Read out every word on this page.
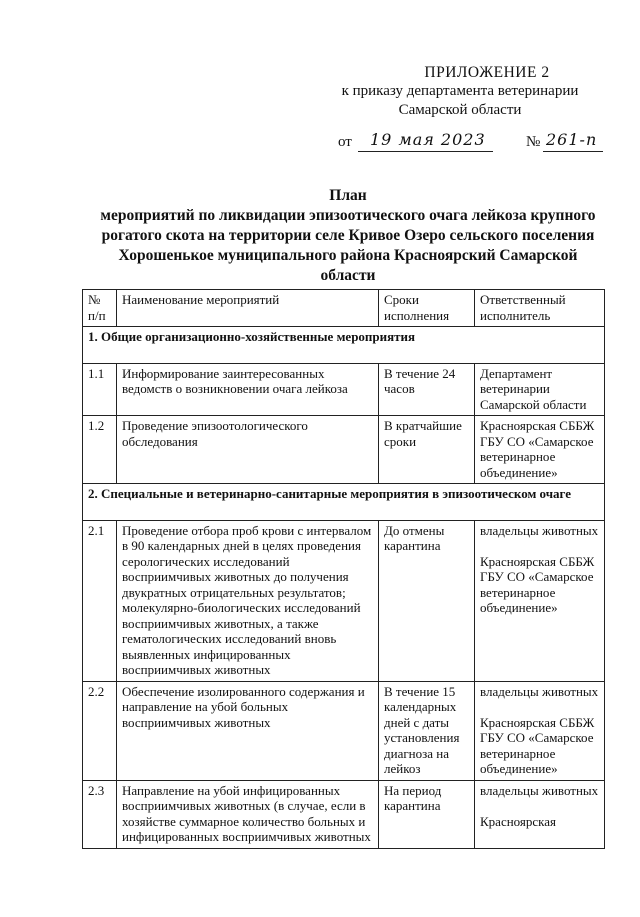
ПРИЛОЖЕНИЕ 2
к приказу департамента ветеринарии
Самарской области
от 19 мая 2023	№ 261-п
План
мероприятий по ликвидации эпизоотического очага лейкоза крупного
рогатого скота на территории селе Кривое Озеро сельского поселения
Хорошенькое муниципального района Красноярский Самарской
области
№ п/п	Наименование мероприятий	Сроки исполнения	Ответственный исполнитель

1. Общие организационно-хозяйственные мероприятия			

1.1	Информирование заинтересованных ведомств о возникновении очага лейкоза	В течение 24 часов	Департамент ветеринарии Самарской области
1.2	Проведение эпизоотологического обследования	В кратчайшие сроки	Красноярская СББЖ ГБУ СО «Самарское ветеринарное объединение»

2. Специальные и ветеринарно-санитарные мероприятия в эпизоотическом очаге			

2.1	Проведение отбора проб крови с интервалом в 90 календарных дней в целях проведения серологических исследований восприимчивых животных до получения двукратных отрицательных результатов; молекулярно-биологических исследований восприимчивых животных, а также гематологических исследований вновь выявленных инфицированных восприимчивых животных	До отмены карантина	владельцы животных

Красноярская СББЖ ГБУ СО «Самарское ветеринарное объединение»
2.2	Обеспечение изолированного содержания и направление на убой больных восприимчивых животных	В течение 15 календарных дней с даты установления диагноза на лейкоз	владельцы животных

Красноярская СББЖ ГБУ СО «Самарское ветеринарное объединение»
2.3	Направление на убой инфицированных восприимчивых животных (в случае, если в хозяйстве суммарное количество больных и инфицированных восприимчивых животных	На период карантина	владельцы животных

Красноярская
